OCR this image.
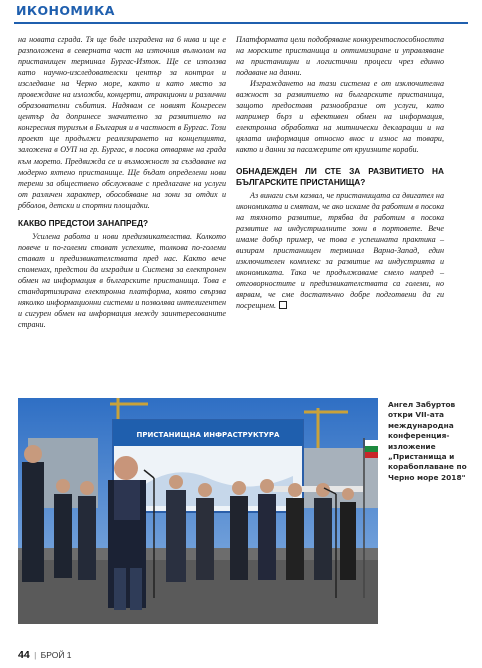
ИКОНОМИКА

на новата сграда. Тя ще бъде изградена на 6 нива и ще е разположена в северната част на източния вълнолом на пристанищен терминал Бургас-Изток. Ще се използва като научно-изследователски център за контрол и изследване на Черно море, както и като място за провеждане на изложби, концерти, атракциони и различни образователни събития. Надявам се новият Конгресен център да допринесе значително за развитието на конгресния туризъм в България и в частност в Бургас. Този проект ще продължи реализирането на концепцията, заложена в ОУП на гр. Бургас, в посока отваряне на града към морето. Предвижда се и възможност за създаване на модерно яхтено пристанище. Ще бъдат определени нови терени за обществено обслужване с предлагане на услуги от различен характер, обособяване на зони за отдих и рбболов, детски и спортни площадки.

КАКВО ПРЕДСТОИ ЗАНАПРЕД?

Усилена работа и нови предизвикателства. Колкото повече и по-големи стават успехите, толкова по-големи стават и предизвикателствата пред нас. Както вече споменах, предстои да изградим и Система за електронен обмен на информация в българските пристанища. Това е стандартизирана електронна платформа, която свързва няколко информационни системи и позволява интелигентен и сигурен обмен на информация между заинтересованите страни.

Платформата цели подобряване конкурентоспособността на морските пристанища и оптимизиране и управляване на пристанищни и логистични процеси чрез единно подаване на данни.

Изграждането на тази система е от изключителна важност за развитието на българските пристанища, защото предоставя разнообразие от услуги, като например бърз и ефективен обмен на информация, електронна обработка на митнически декларации и на цялата информация относно внос и износ на товари, както и данни за пасажерите от круизните кораби.

ОБНАДЕЖДЕН ЛИ СТЕ ЗА РАЗВИТИЕТО НА БЪЛГАРСКИТЕ ПРИСТАНИЩА?

Аз винаги съм казвал, че пристанищата са двигател на икономиката и смятам, че ако искаме да работим в посока на тяхното развитие, трябва да работим в посока развитие на индустриалните зони в портовете. Вече имаме добър пример, че това е успешната практика – визирам пристанищен терминал Варна-Запад, един изключителен комплекс за развитие на индустрията и икономиката. Така че продължаваме смело напред – отговорностите и предизвикателствата са големи, но вярвам, че сме достатъчно добре подготвени да ги посрещнем.

ПРИСТАНИЩНА ИНФРАСТРУКТУРА
Ангел Забуртов
откри VII-ата
международна
конференция-
изложение
„Пристанища и
корабоплаване по
Черно море 2018"
44 | БРОЙ 1
